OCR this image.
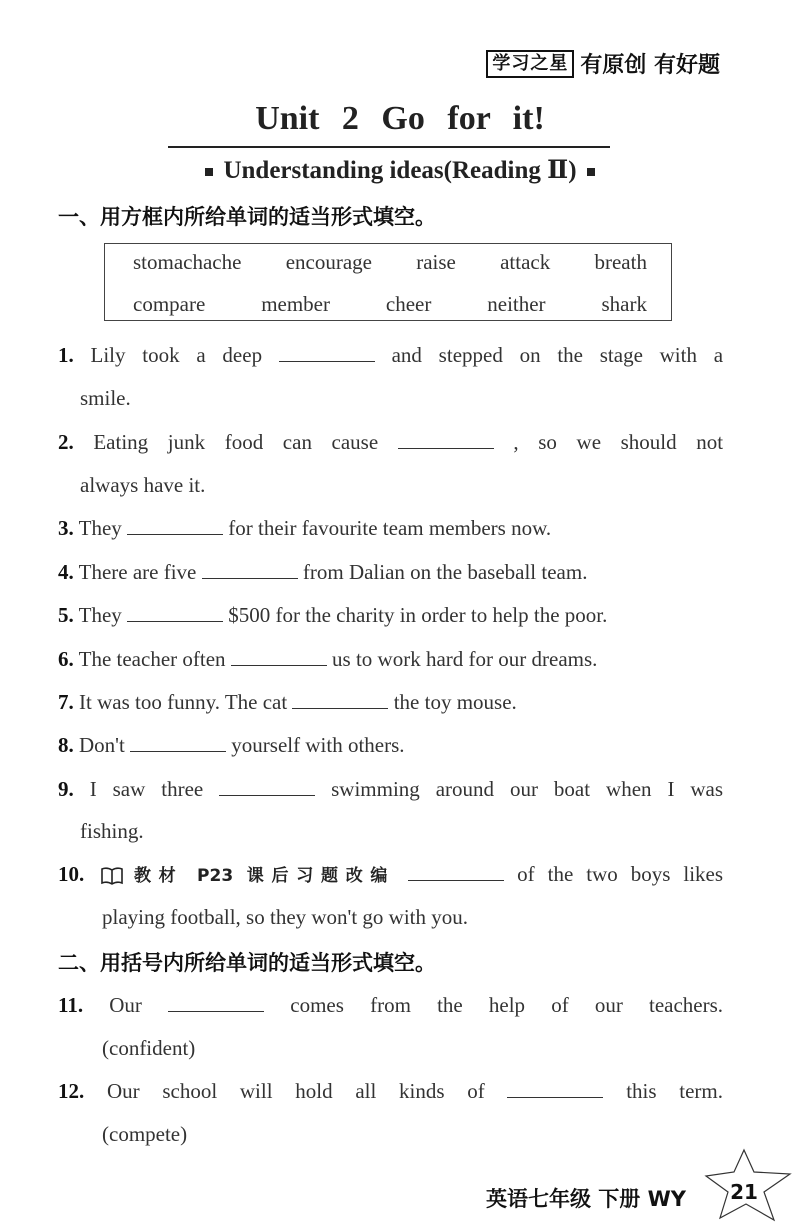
学习之星 有原创 有好题
Unit 2 Go for it!
Understanding ideas(Reading Ⅱ)
一、用方框内所给单词的适当形式填空。
stomachache encourage raise attack breath
compare	member	cheer	neither	shark
1. Lily took a deep	and stepped on the stage with a
smile.
2. Eating junk food can cause	, so we should not
always have it.
3. They	for their favourite team members now.
4. There are five	from Dalian on the baseball team.
5. They	$500 for the charity in order to help the poor.
6. The teacher often	us to work hard for our dreams.
7. It was too funny. The cat	the toy mouse.
8. Don't	yourself with others.
9. I saw three	swimming around our boat when I was
fishing.
10. 教材 P23 课后习题改编	of the two boys likes
playing football, so they won't go with you.
二、用括号内所给单词的适当形式填空。
11. Our	comes from the help of our teachers.
(confident)
12. Our school will hold all kinds of	this term.
(compete)
英语七年级 下册 WY 21
